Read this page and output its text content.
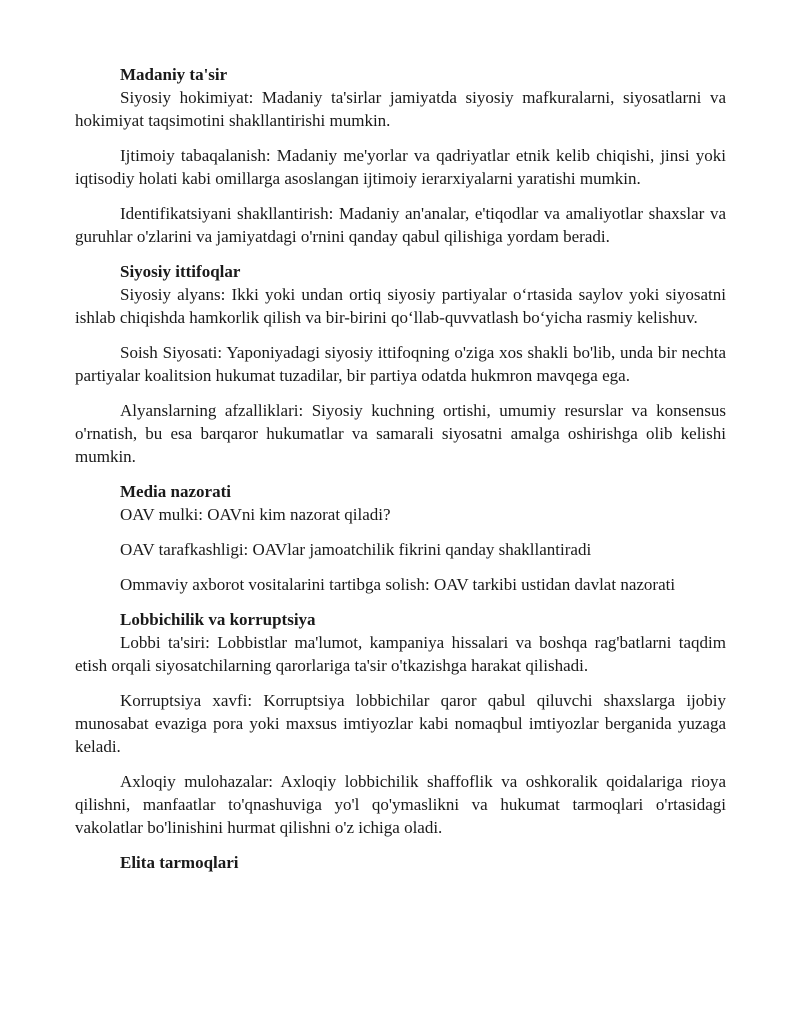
Madaniy ta'sir

Siyosiy hokimiyat: Madaniy ta'sirlar jamiyatda siyosiy mafkuralarni, siyosatlarni va hokimiyat taqsimotini shakllantirishi mumkin.

Ijtimoiy tabaqalanish: Madaniy me'yorlar va qadriyatlar etnik kelib chiqishi, jinsi yoki iqtisodiy holati kabi omillarga asoslangan ijtimoiy ierarxiyalarni yaratishi mumkin.

Identifikatsiyani shakllantirish: Madaniy an'analar, e'tiqodlar va amaliyotlar shaxslar va guruhlar o'zlarini va jamiyatdagi o'rnini qanday qabul qilishiga yordam beradi.

Siyosiy ittifoqlar

Siyosiy alyans: Ikki yoki undan ortiq siyosiy partiyalar o‘rtasida saylov yoki siyosatni ishlab chiqishda hamkorlik qilish va bir-birini qo‘llab-quvvatlash bo‘yicha rasmiy kelishuv.

Soish Siyosati: Yaponiyadagi siyosiy ittifoqning o'ziga xos shakli bo'lib, unda bir nechta partiyalar koalitsion hukumat tuzadilar, bir partiya odatda hukmron mavqega ega.

Alyanslarning afzalliklari: Siyosiy kuchning ortishi, umumiy resurslar va konsensus o'rnatish, bu esa barqaror hukumatlar va samarali siyosatni amalga oshirishga olib kelishi mumkin.

Media nazorati

OAV mulki: OAVni kim nazorat qiladi?

OAV tarafkashligi: OAVlar jamoatchilik fikrini qanday shakllantiradi

Ommaviy axborot vositalarini tartibga solish: OAV tarkibi ustidan davlat nazorati

Lobbichilik va korruptsiya

Lobbi ta'siri: Lobbistlar ma'lumot, kampaniya hissalari va boshqa rag'batlarni taqdim etish orqali siyosatchilarning qarorlariga ta'sir o'tkazishga harakat qilishadi.

Korruptsiya xavfi: Korruptsiya lobbichilar qaror qabul qiluvchi shaxslarga ijobiy munosabat evaziga pora yoki maxsus imtiyozlar kabi nomaqbul imtiyozlar berganida yuzaga keladi.

Axloqiy mulohazalar: Axloqiy lobbichilik shaffoflik va oshkoralik qoidalariga rioya qilishni, manfaatlar to'qnashuviga yo'l qo'ymaslikni va hukumat tarmoqlari o'rtasidagi vakolatlar bo'linishini hurmat qilishni o'z ichiga oladi.

Elita tarmoqlari
